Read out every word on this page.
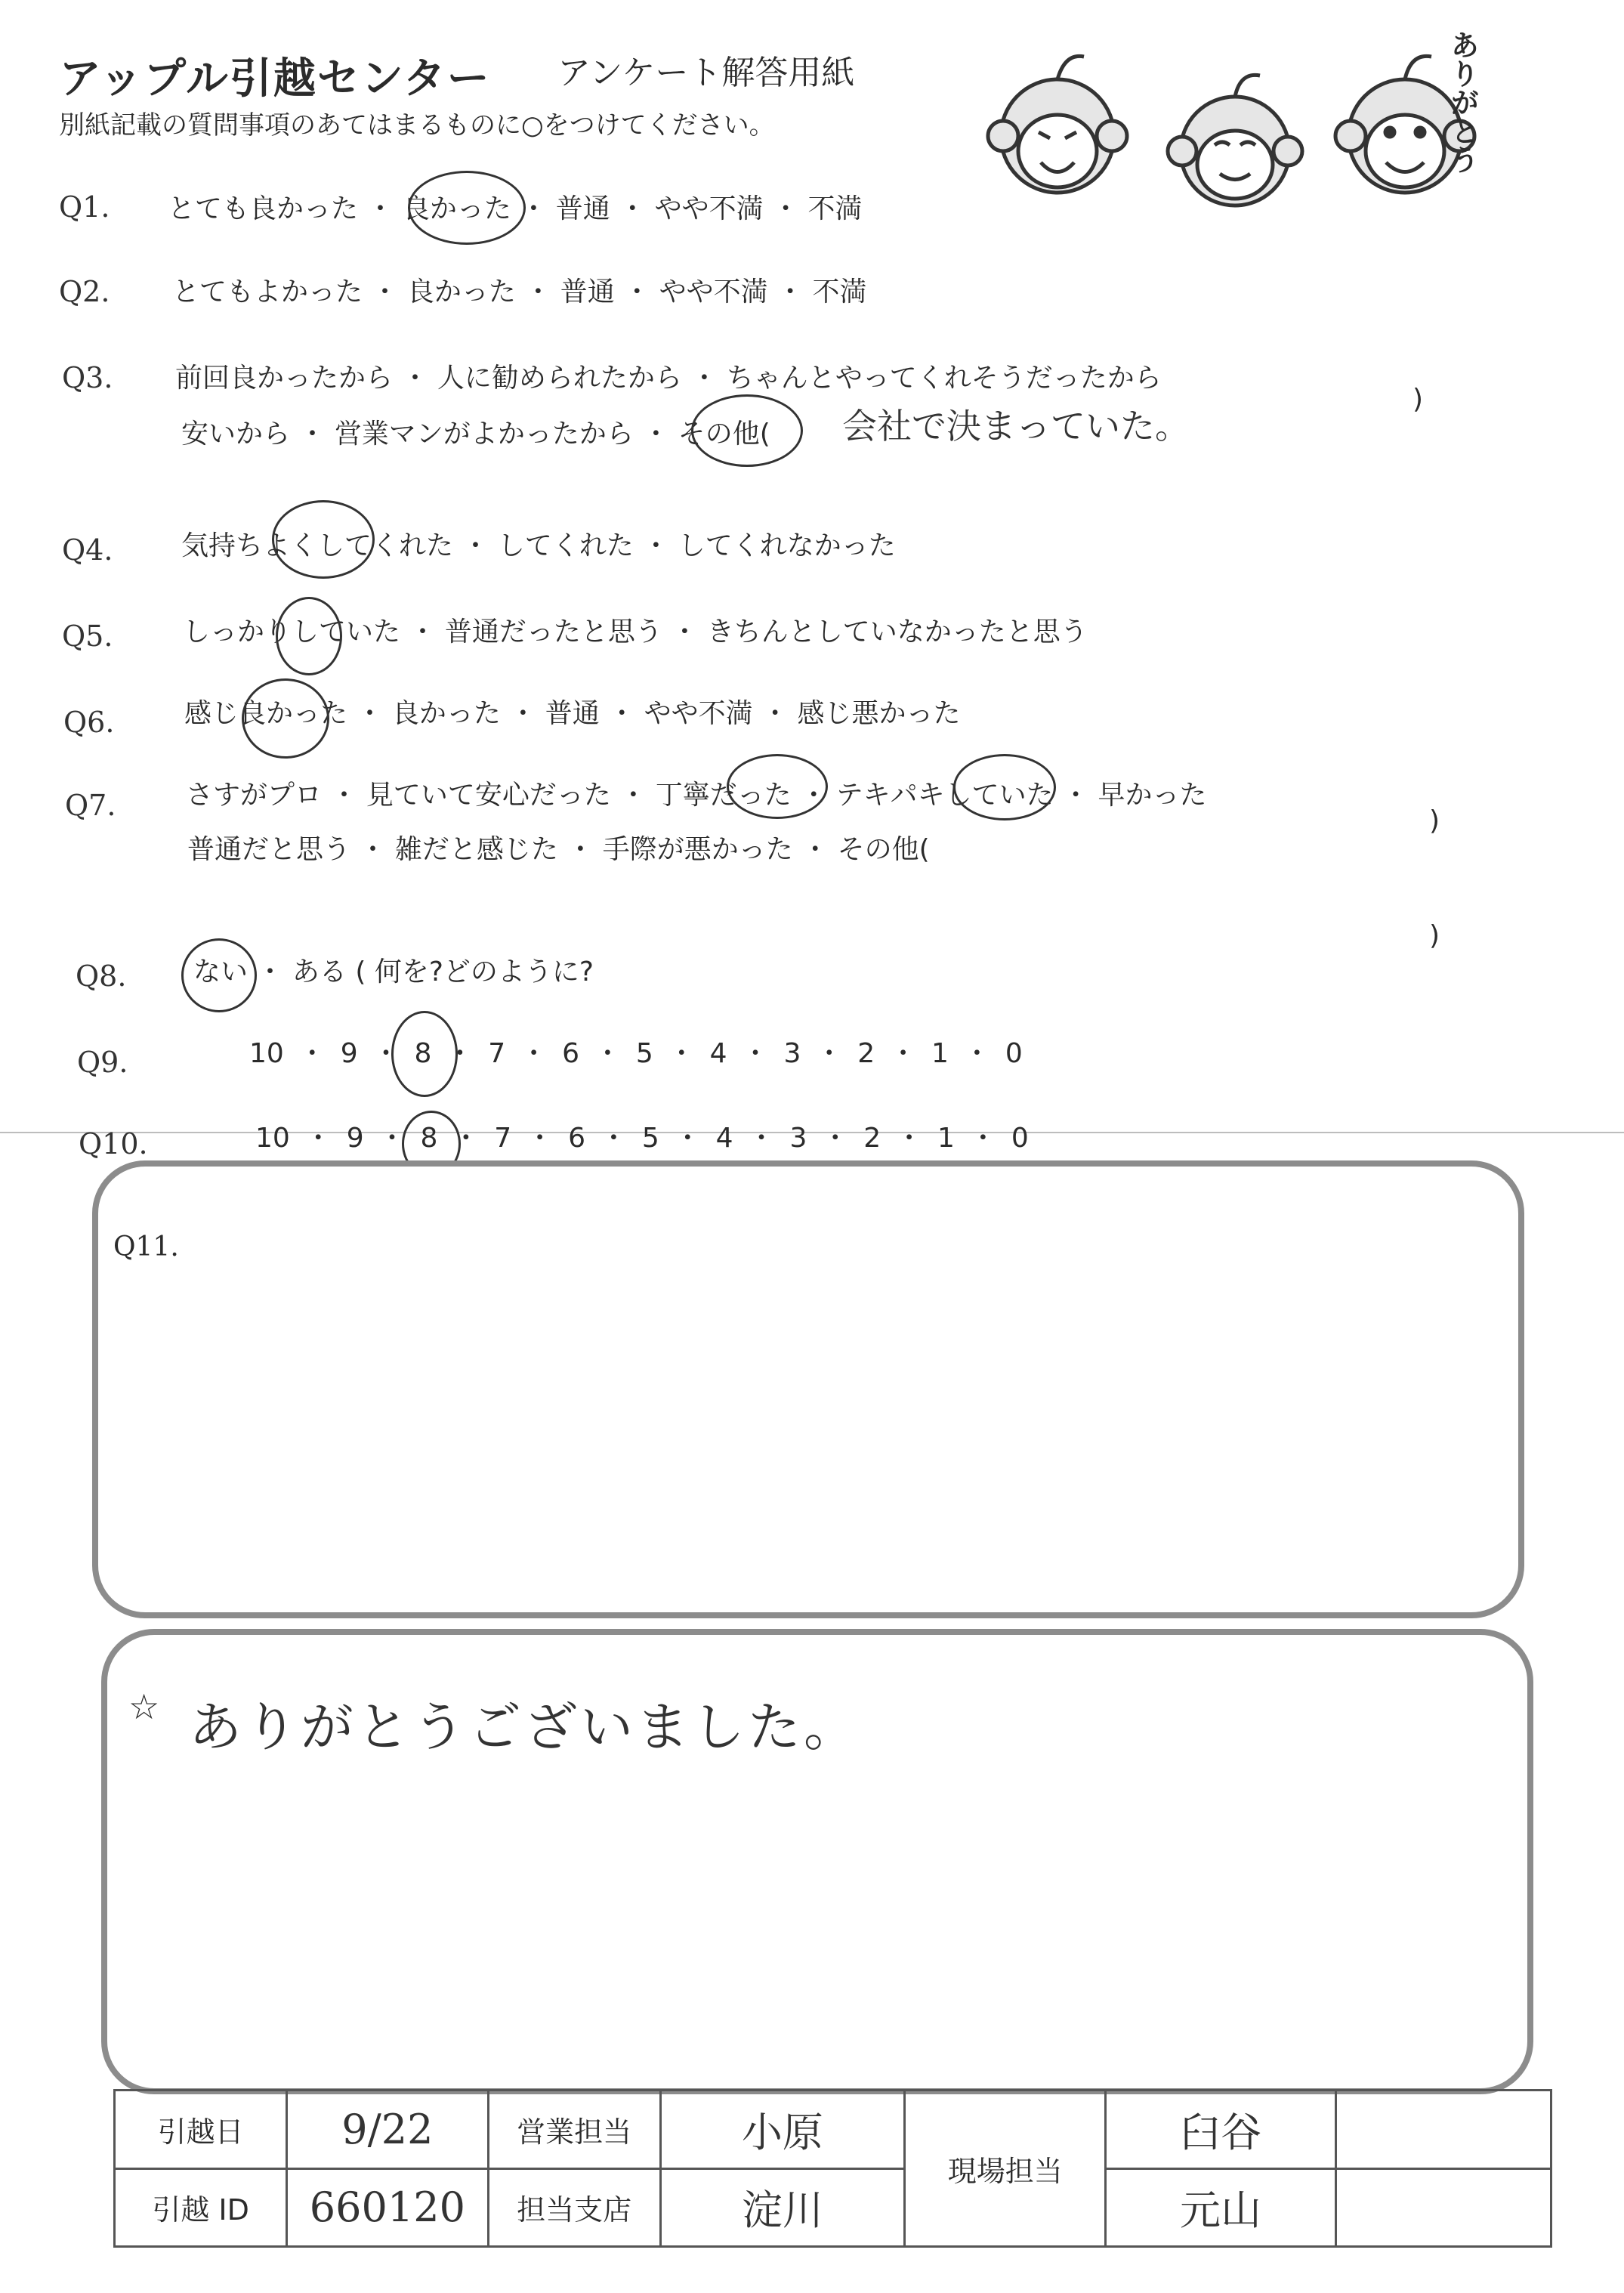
アップル引越センター アンケート解答用紙
別紙記載の質問事項のあてはまるものに○をつけてください。	ありがとう
Q1. とても良かった ・ 良かった ・ 普通 ・ やや不満 ・ 不満
Q2. とてもよかった ・ 良かった ・ 普通 ・ やや不満 ・ 不満
Q3. 前回良かったから ・ 人に勧められたから ・ ちゃんとやってくれそうだったから
安いから ・ 営業マンがよかったから ・ その他( 会社で決まっていた。
)
Q4.	気持ちよくしてくれた ・ してくれた ・ してくれなかった
Q5.	しっかりしていた ・ 普通だったと思う ・ きちんとしていなかったと思う
Q6.	感じ良かった ・ 良かった ・ 普通 ・ やや不満 ・ 感じ悪かった
Q7.	さすがプロ ・ 見ていて安心だった ・ 丁寧だった ・ テキパキしていた ・ 早かった
普通だと思う ・ 雑だと感じた ・ 手際が悪かった ・ その他(
)
Q8. ない ・ ある ( 何を?どのように?
)
Q9.	10 ・ 9 ・ 8 ・ 7 ・ 6 ・ 5 ・ 4 ・ 3 ・ 2 ・ 1 ・ 0
Q10.	10 ・ 9 ・ 8 ・ 7 ・ 6 ・ 5 ・ 4 ・ 3 ・ 2 ・ 1 ・ 0
Q11.
☆ ありがとうございました。
引越日	9/22	営業担当	小原	現場担当	臼谷	
引越 ID	660120	担当支店	淀川		元山	
